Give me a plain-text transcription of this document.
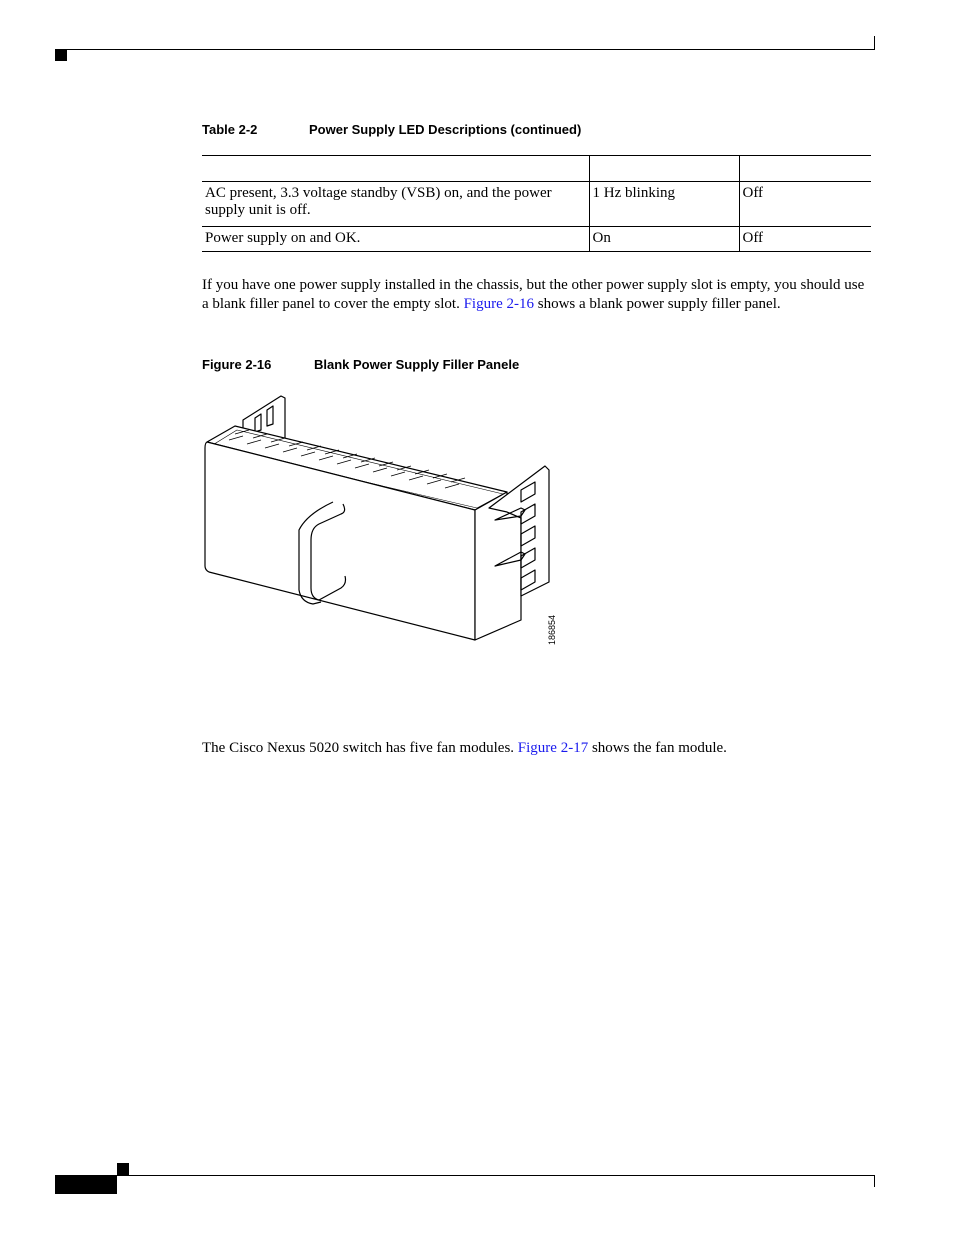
Table 2-2	Power Supply LED Descriptions (continued)

AC present, 3.3 voltage standby (VSB) on, and the power supply unit is off.	1 Hz blinking	Off
Power supply on and OK.	On	Off
If you have one power supply installed in the chassis, but the other power supply slot is empty, you should use a blank filler panel to cover the empty slot. Figure 2-16 shows a blank power supply filler panel.
Figure 2-16	Blank Power Supply Filler Panele
186854
The Cisco Nexus 5020 switch has five fan modules. Figure 2-17 shows the fan module.
